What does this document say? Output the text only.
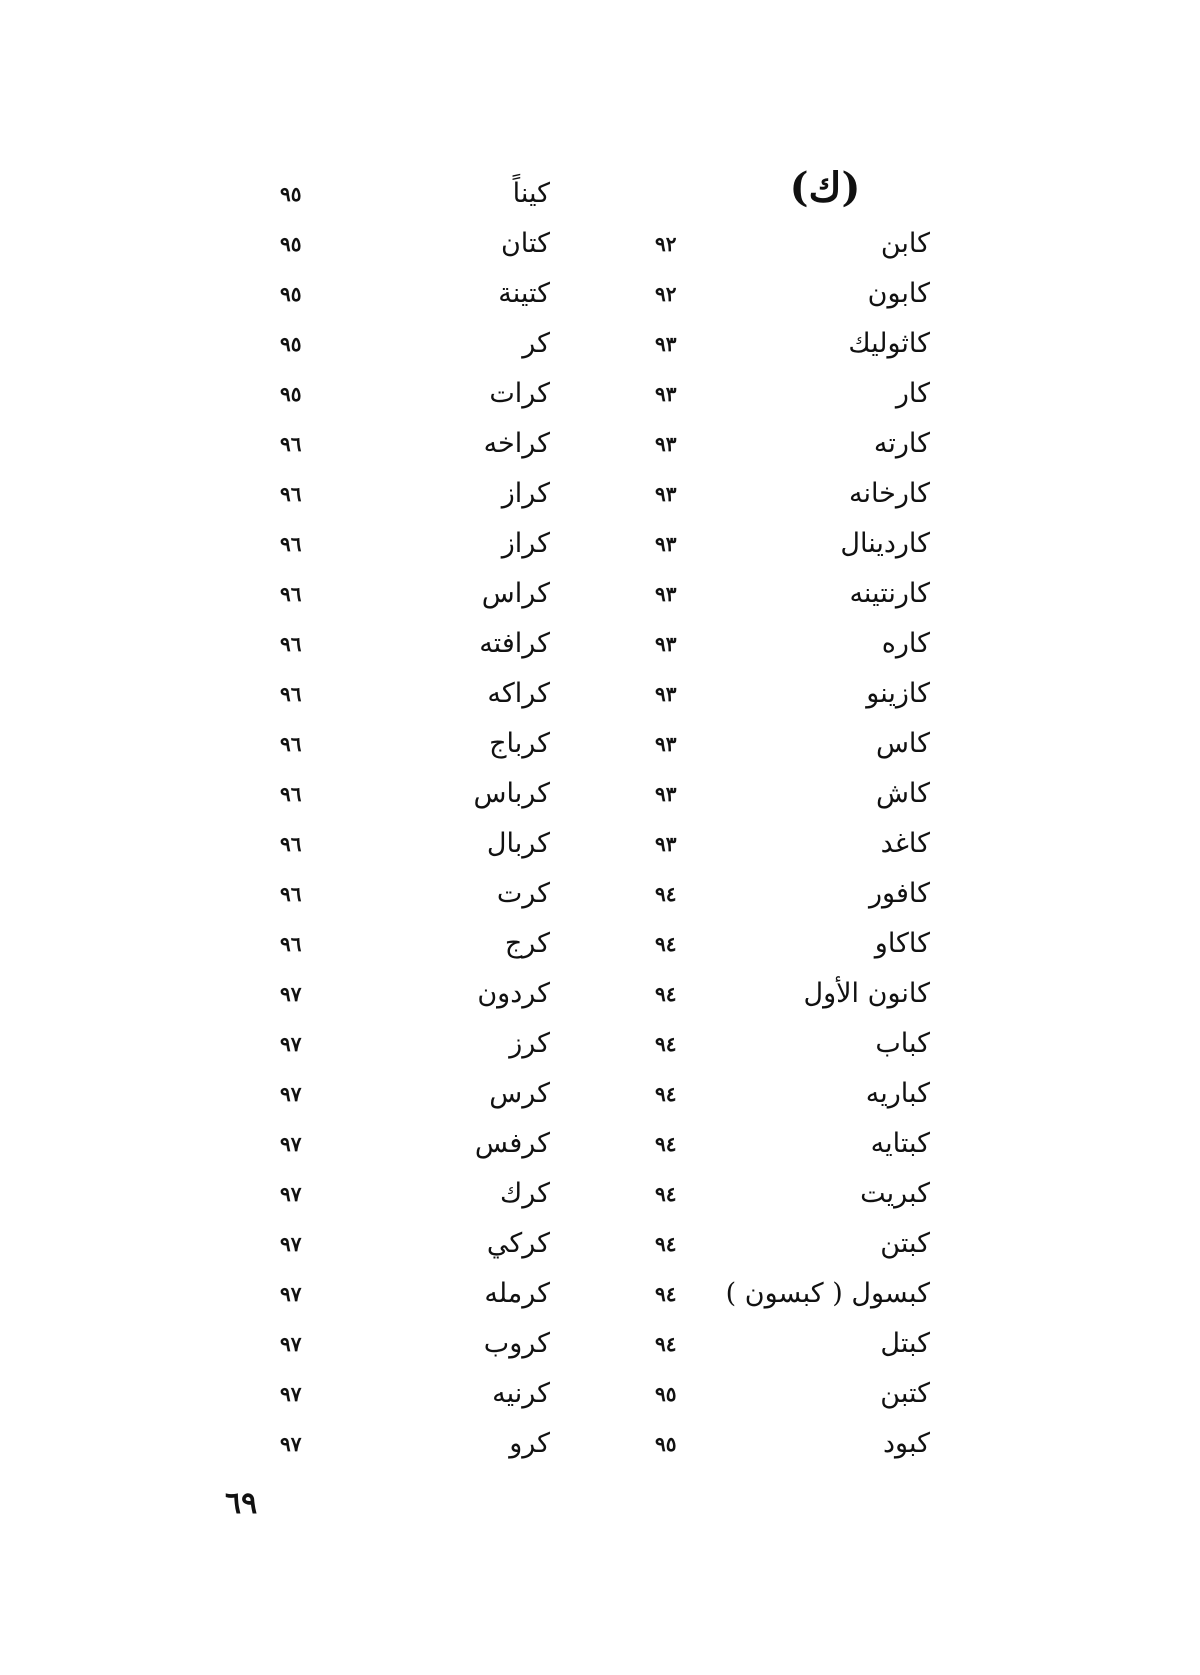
(ك)
كابن
٩٢
كابون
٩٢
كاثوليك
٩٣
كار
٩٣
كارته
٩٣
كارخانه
٩٣
كاردينال
٩٣
كارنتينه
٩٣
كاره
٩٣
كازينو
٩٣
كاس
٩٣
كاش
٩٣
كاغد
٩٣
كافور
٩٤
كاكاو
٩٤
كانون الأول
٩٤
كباب
٩٤
كباريه
٩٤
كبتايه
٩٤
كبريت
٩٤
كبتن
٩٤
كبسول ( كبسون )
٩٤
كبتل
٩٤
كتبن
٩٥
كبود
٩٥
كيناً
٩٥
كتان
٩٥
كتينة
٩٥
كر
٩٥
كرات
٩٥
كراخه
٩٦
كراز
٩٦
كراز
٩٦
كراس
٩٦
كرافته
٩٦
كراكه
٩٦
كرباج
٩٦
كرباس
٩٦
كربال
٩٦
كرت
٩٦
كرج
٩٦
كردون
٩٧
كرز
٩٧
كرس
٩٧
كرفس
٩٧
كرك
٩٧
كركي
٩٧
كرمله
٩٧
كروب
٩٧
كرنيه
٩٧
كرو
٩٧
٦٩
